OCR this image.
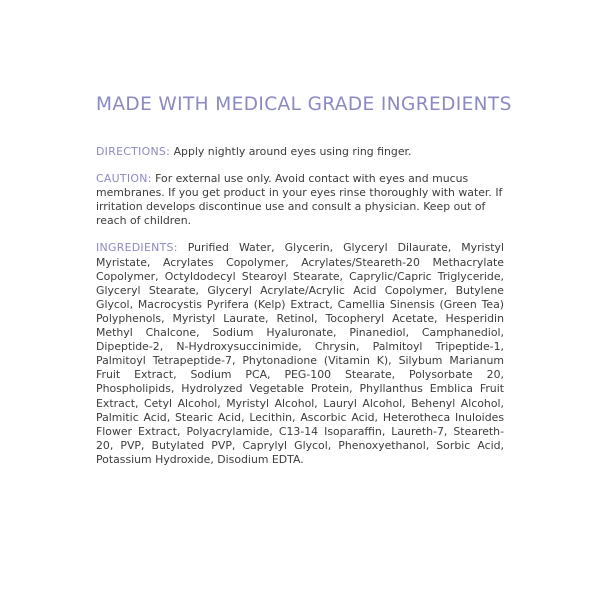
MADE WITH MEDICAL GRADE INGREDIENTS

DIRECTIONS: Apply nightly around eyes using ring finger.

CAUTION: For external use only. Avoid contact with eyes and mucus membranes. If you get product in your eyes rinse thoroughly with water. If irritation develops discontinue use and consult a physician. Keep out of reach of children.

INGREDIENTS: Purified Water, Glycerin, Glyceryl Dilaurate, Myristyl Myristate, Acrylates Copolymer, Acrylates/Steareth-20 Methacrylate Copolymer, Octyldodecyl Stearoyl Stearate, Caprylic/Capric Triglyceride, Glyceryl Stearate, Glyceryl Acrylate/Acrylic Acid Copolymer, Butylene Glycol, Macrocystis Pyrifera (Kelp) Extract, Camellia Sinensis (Green Tea) Polyphenols, Myristyl Laurate, Retinol, Tocopheryl Acetate, Hesperidin Methyl Chalcone, Sodium Hyaluronate, Pinanediol, Camphanediol, Dipeptide-2, N-Hydroxysuccinimide, Chrysin, Palmitoyl Tripeptide-1, Palmitoyl Tetrapeptide-7, Phytonadione (Vitamin K), Silybum Marianum Fruit Extract, Sodium PCA, PEG-100 Stearate, Polysorbate 20, Phospholipids, Hydrolyzed Vegetable Protein, Phyllanthus Emblica Fruit Extract, Cetyl Alcohol, Myristyl Alcohol, Lauryl Alcohol, Behenyl Alcohol, Palmitic Acid, Stearic Acid, Lecithin, Ascorbic Acid, Heterotheca Inuloides Flower Extract, Polyacrylamide, C13-14 Isoparaffin, Laureth-7, Steareth-20, PVP, Butylated PVP, Caprylyl Glycol, Phenoxyethanol, Sorbic Acid, Potassium Hydroxide, Disodium EDTA.
